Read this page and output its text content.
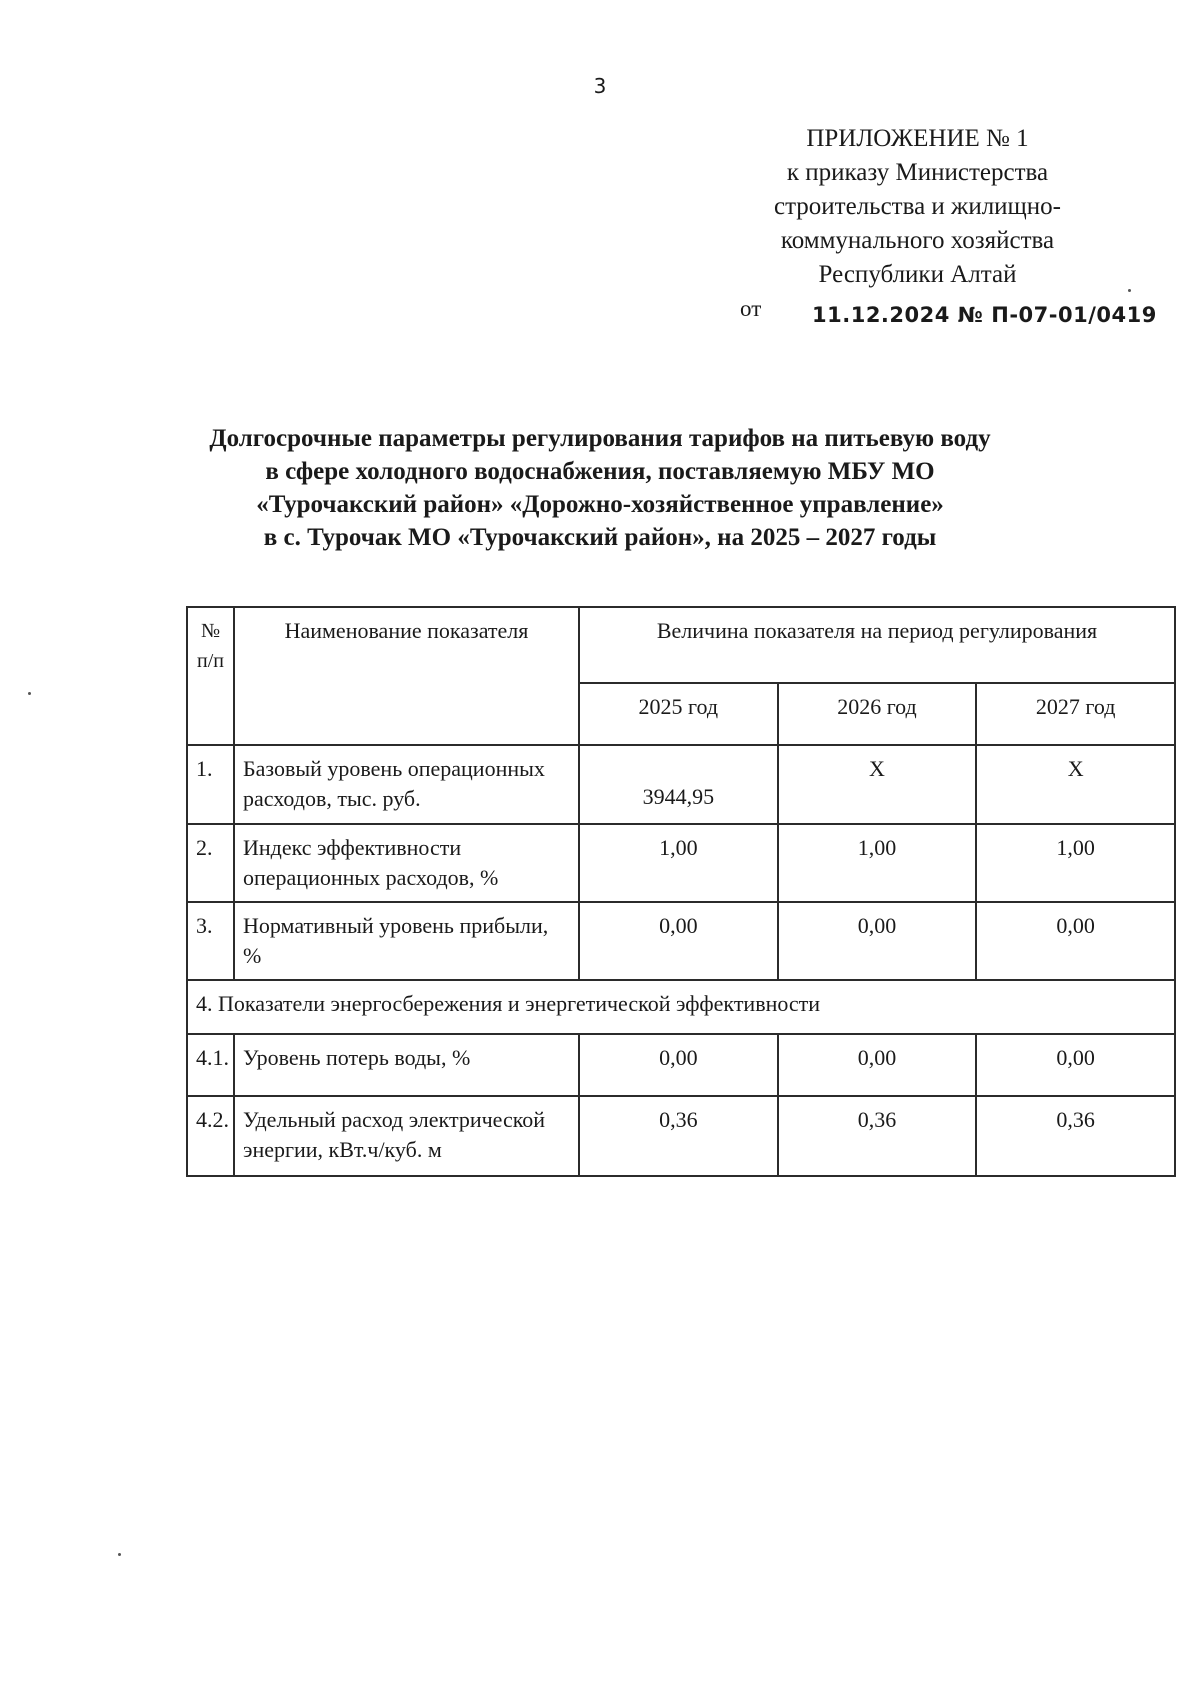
3
ПРИЛОЖЕНИЕ № 1
к приказу Министерства
строительства и жилищно-
коммунального хозяйства
Республики Алтай
от 11.12.2024 № П-07-01/0419
Долгосрочные параметры регулирования тарифов на питьевую воду
в сфере холодного водоснабжения, поставляемую МБУ МО
«Турочакский район» «Дорожно-хозяйственное управление»
в с. Турочак МО «Турочакский район», на 2025 – 2027 годы
№ п/п	Наименование показателя	Величина показателя на период регулирования		
		2025 год	2026 год	2027 год
1.	Базовый уровень операционных расходов, тыс. руб.	3944,95	Х	Х
2.	Индекс эффективности операционных расходов, %	1,00	1,00	1,00
3.	Нормативный уровень прибыли, %	0,00	0,00	0,00
4. Показатели энергосбережения и энергетической эффективности				
4.1.	Уровень потерь воды, %	0,00	0,00	0,00
4.2.	Удельный расход электрической энергии, кВт.ч/куб. м	0,36	0,36	0,36
